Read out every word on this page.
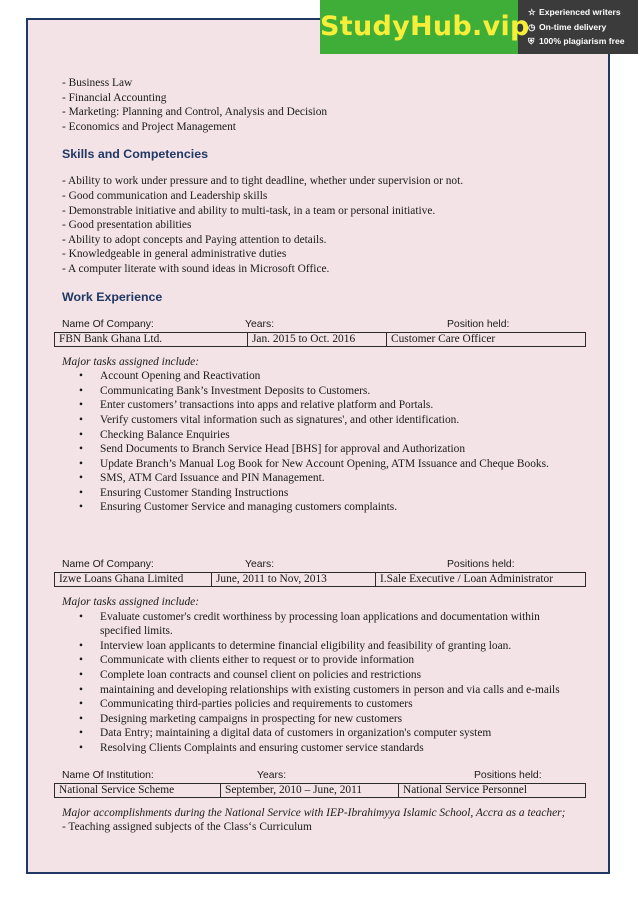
StudyHub.vip
☆ Experienced writers
◷ On-time delivery
⛨ 100% plagiarism free
- Business Law
- Financial Accounting
- Marketing: Planning and Control, Analysis and Decision
- Economics and Project Management
Skills and Competencies
- Ability to work under pressure and to tight deadline, whether under supervision or not.
- Good communication and Leadership skills
- Demonstrable initiative and ability to multi-task, in a team or personal initiative.
- Good presentation abilities
- Ability to adopt concepts and Paying attention to details.
- Knowledgeable in general administrative duties
- A computer literate with sound ideas in Microsoft Office.
Work Experience
Name Of Company:	Years:	Position held:
FBN Bank Ghana Ltd.	Jan. 2015 to Oct. 2016	Customer Care Officer
Major tasks assigned include:
• Account Opening and Reactivation
• Communicating Bank’s Investment Deposits to Customers.
• Enter customers’ transactions into apps and relative platform and Portals.
• Verify customers vital information such as signatures', and other identification.
• Checking Balance Enquiries
• Send Documents to Branch Service Head [BHS] for approval and Authorization
• Update Branch’s Manual Log Book for New Account Opening, ATM Issuance and Cheque Books.
• SMS, ATM Card Issuance and PIN Management.
• Ensuring Customer Standing Instructions
• Ensuring Customer Service and managing customers complaints.
Name Of Company:	Years:	Positions held:
Izwe Loans Ghana Limited	June, 2011 to Nov, 2013	I.Sale Executive / Loan Administrator
Major tasks assigned include:
• Evaluate customer's credit worthiness by processing loan applications and documentation within specified limits.
• Interview loan applicants to determine financial eligibility and feasibility of granting loan.
• Communicate with clients either to request or to provide information
• Complete loan contracts and counsel client on policies and restrictions
• maintaining and developing relationships with existing customers in person and via calls and e-mails
• Communicating third-parties policies and requirements to customers
• Designing marketing campaigns in prospecting for new customers
• Data Entry; maintaining a digital data of customers in organization's computer system
• Resolving Clients Complaints and ensuring customer service standards
Name Of Institution:	Years:	Positions held:
National Service Scheme	September, 2010 – June, 2011	National Service Personnel
Major accomplishments during the National Service with IEP-Ibrahimyya Islamic School, Accra as a teacher;
- Teaching assigned subjects of the Class‘s Curriculum
